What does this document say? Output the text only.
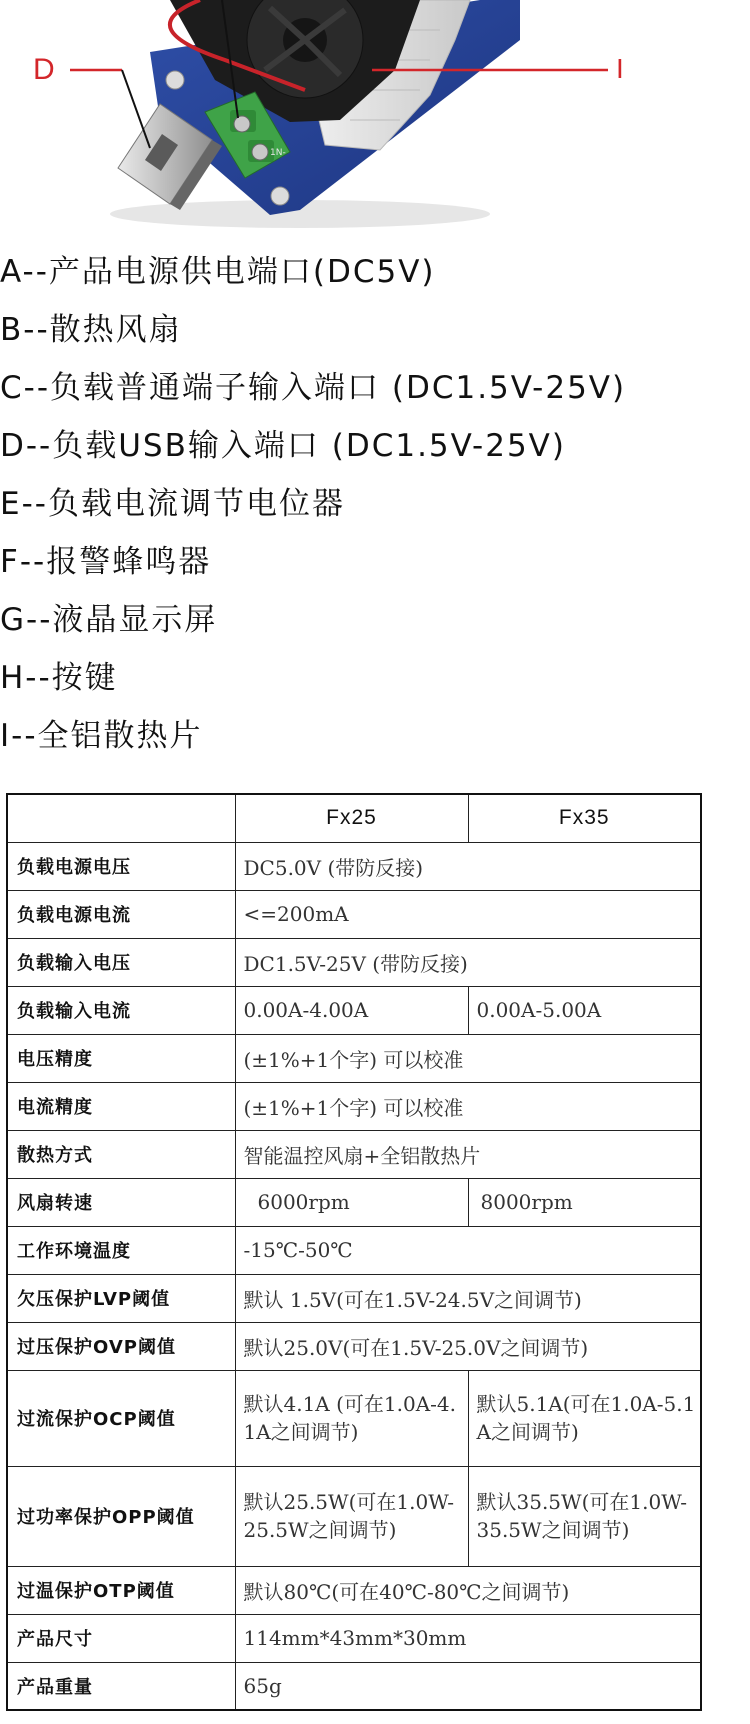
1N-
D	I
A--产品电源供电端口(DC5V)
B--散热风扇
C--负载普通端子输入端口 (DC1.5V-25V)
D--负载USB输入端口 (DC1.5V-25V)
E--负载电流调节电位器
F--报警蜂鸣器
G--液晶显示屏
H--按键
I--全铝散热片
	Fx25	Fx35
负载电源电压	DC5.0V (带防反接)	
负载电源电流	<=200mA	
负载输入电压	DC1.5V-25V (带防反接)	
负载输入电流	0.00A-4.00A	0.00A-5.00A
电压精度	(±1%+1个字) 可以校准	
电流精度	(±1%+1个字) 可以校准	
散热方式	智能温控风扇+全铝散热片	
风扇转速	6000rpm	8000rpm
工作环境温度	-15℃-50℃	
欠压保护LVP阈值	默认 1.5V(可在1.5V-24.5V之间调节)	
过压保护OVP阈值	默认25.0V(可在1.5V-25.0V之间调节)	
过流保护OCP阈值	默认4.1A (可在1.0A-4.1A之间调节)	默认5.1A(可在1.0A-5.1A之间调节)
过功率保护OPP阈值	默认25.5W(可在1.0W-25.5W之间调节)	默认35.5W(可在1.0W-35.5W之间调节)
过温保护OTP阈值	默认80℃(可在40℃-80℃之间调节)	
产品尺寸	114mm*43mm*30mm	
产品重量	65g	
